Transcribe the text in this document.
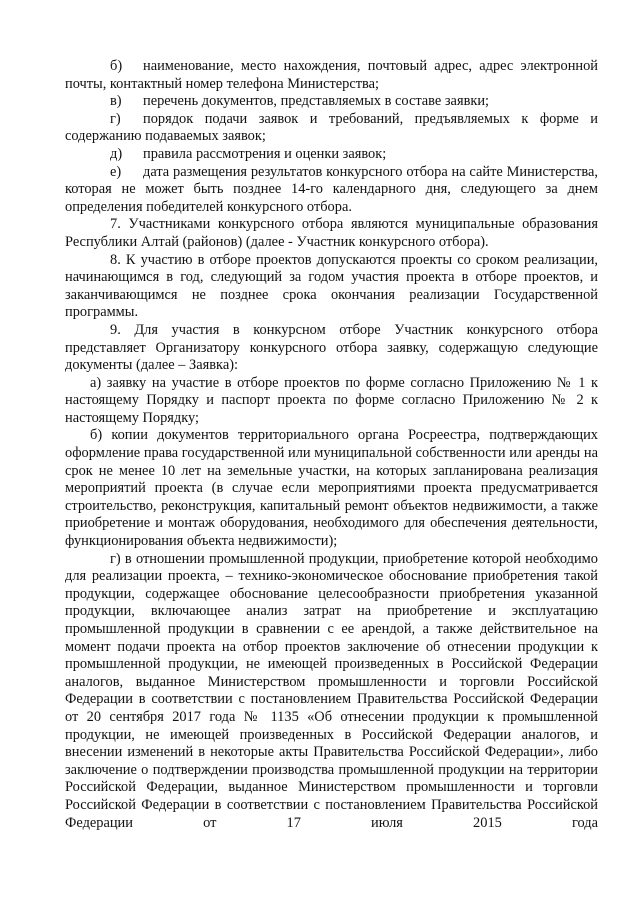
б) наименование, место нахождения, почтовый адрес, адрес электронной почты, контактный номер телефона Министерства;

в) перечень документов, представляемых в составе заявки;

г) порядок подачи заявок и требований, предъявляемых к форме и содержанию подаваемых заявок;

д) правила рассмотрения и оценки заявок;

е) дата размещения результатов конкурсного отбора на сайте Министерства, которая не может быть позднее 14-го календарного дня, следующего за днем определения победителей конкурсного отбора.

7. Участниками конкурсного отбора являются муниципальные образования Республики Алтай (районов) (далее - Участник конкурсного отбора).

8. К участию в отборе проектов допускаются проекты со сроком реализации, начинающимся в год, следующий за годом участия проекта в отборе проектов, и заканчивающимся не позднее срока окончания реализации Государственной программы.

9. Для участия в конкурсном отборе Участник конкурсного отбора представляет Организатору конкурсного отбора заявку, содержащую следующие документы (далее – Заявка):

а) заявку на участие в отборе проектов по форме согласно Приложению № 1 к настоящему Порядку и паспорт проекта по форме согласно Приложению № 2 к настоящему Порядку;

б) копии документов территориального органа Росреестра, подтверждающих оформление права государственной или муниципальной собственности или аренды на срок не менее 10 лет на земельные участки, на которых запланирована реализация мероприятий проекта (в случае если мероприятиями проекта предусматривается строительство, реконструкция, капитальный ремонт объектов недвижимости, а также приобретение и монтаж оборудования, необходимого для обеспечения деятельности, функционирования объекта недвижимости);

г) в отношении промышленной продукции, приобретение которой необходимо для реализации проекта, – технико-экономическое обоснование приобретения такой продукции, содержащее обоснование целесообразности приобретения указанной продукции, включающее анализ затрат на приобретение и эксплуатацию промышленной продукции в сравнении с ее арендой, а также действительное на момент подачи проекта на отбор проектов заключение об отнесении продукции к промышленной продукции, не имеющей произведенных в Российской Федерации аналогов, выданное Министерством промышленности и торговли Российской Федерации в соответствии с постановлением Правительства Российской Федерации от 20 сентября 2017 года № 1135 «Об отнесении продукции к промышленной продукции, не имеющей произведенных в Российской Федерации аналогов, и внесении изменений в некоторые акты Правительства Российской Федерации», либо заключение о подтверждении производства промышленной продукции на территории Российской Федерации, выданное Министерством промышленности и торговли Российской Федерации в соответствии с постановлением Правительства Российской Федерации от 17 июля 2015 года
